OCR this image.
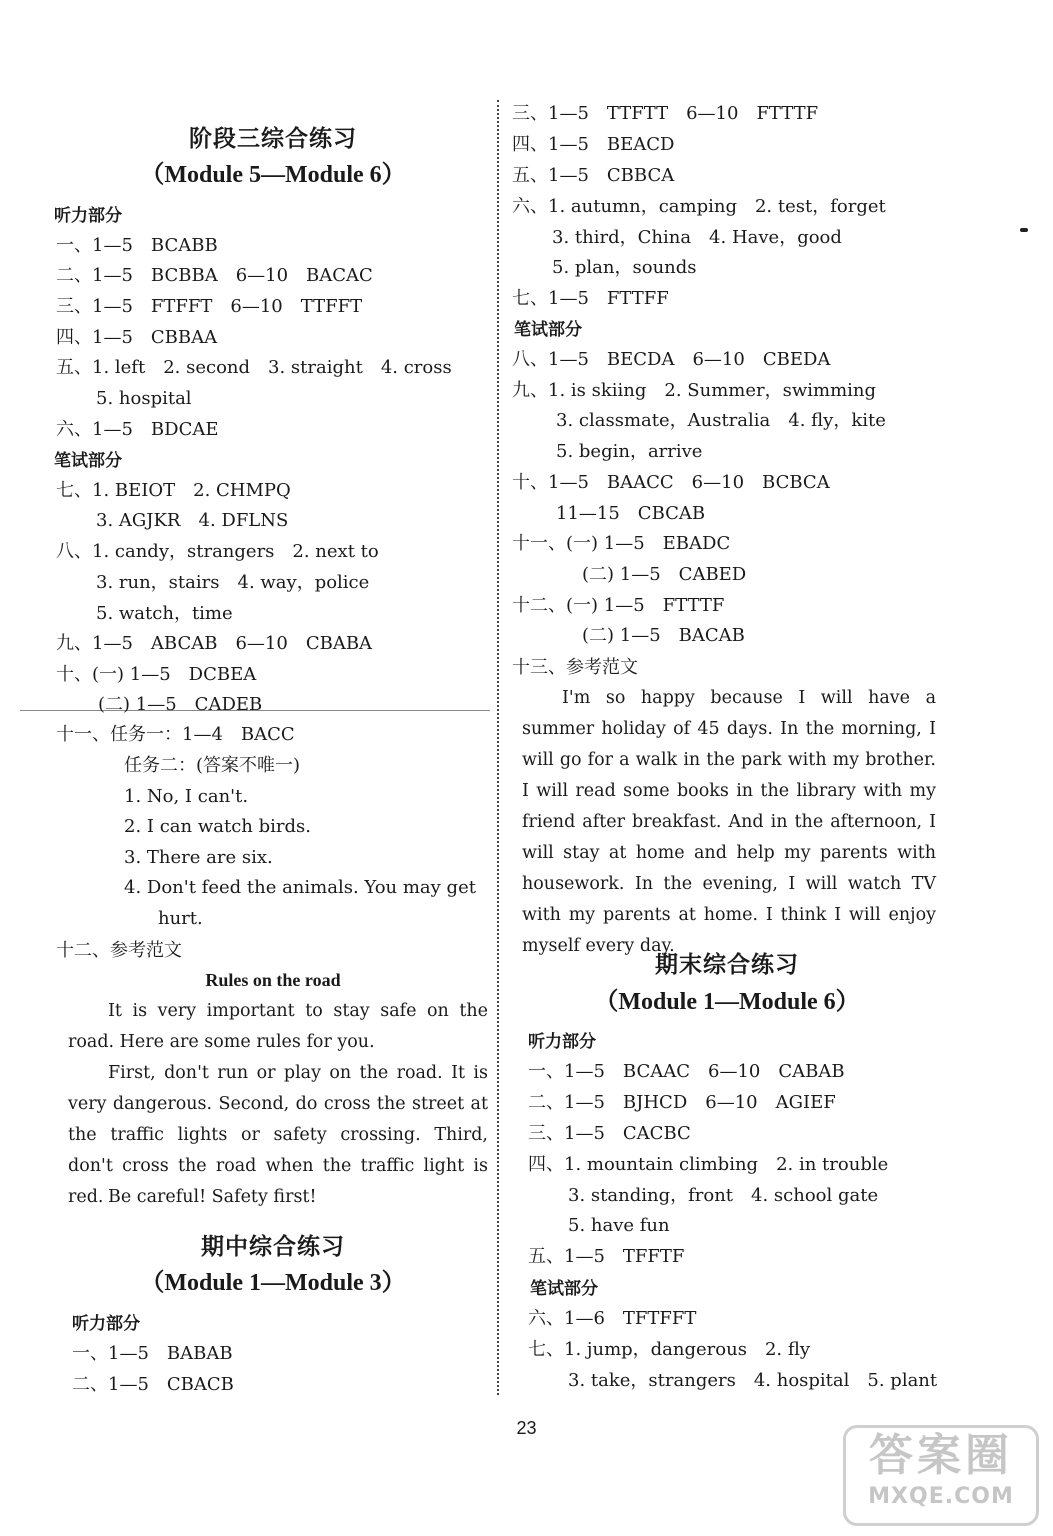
阶段三综合练习
（Module 5—Module 6）
听力部分
一、1—5　BCABB
二、1—5　BCBBA　6—10　BACAC
三、1—5　FTFFT　6—10　TTFFT
四、1—5　CBBAA
五、1. left　2. second　3. straight　4. cross
5. hospital
六、1—5　BDCAE
笔试部分
七、1. BEIOT　2. CHMPQ
3. AGJKR　4. DFLNS
八、1. candy，strangers　2. next to
3. run，stairs　4. way，police
5. watch，time
九、1—5　ABCAB　6—10　CBABA
十、(一) 1—5　DCBEA
(二) 1—5　CADEB
十一、任务一：1—4　BACC
任务二：(答案不唯一)
1. No, I can't.
2. I can watch birds.
3. There are six.
4. Don't feed the animals. You may get
hurt.
十二、参考范文
Rules on the road
It is very important to stay safe on the road. Here are some rules for you.
First, don't run or play on the road. It is very dangerous. Second, do cross the street at the traffic lights or safety crossing. Third, don't cross the road when the traffic light is red. Be careful! Safety first!
期中综合练习
（Module 1—Module 3）
听力部分
一、1—5　BABAB
二、1—5　CBACB
三、1—5　TTFTT　6—10　FTTTF
四、1—5　BEACD
五、1—5　CBBCA
六、1. autumn，camping　2. test，forget
3. third，China　4. Have，good
5. plan，sounds
七、1—5　FTTFF
笔试部分
八、1—5　BECDA　6—10　CBEDA
九、1. is skiing　2. Summer，swimming
3. classmate，Australia　4. fly，kite
5. begin，arrive
十、1—5　BAACC　6—10　BCBCA
11—15　CBCAB
十一、(一) 1—5　EBADC
(二) 1—5　CABED
十二、(一) 1—5　FTTTF
(二) 1—5　BACAB
十三、参考范文
I'm so happy because I will have a summer holiday of 45 days. In the morning, I will go for a walk in the park with my brother. I will read some books in the library with my friend after breakfast. And in the afternoon, I will stay at home and help my parents with housework. In the evening, I will watch TV with my parents at home. I think I will enjoy myself every day.
期末综合练习
（Module 1—Module 6）
听力部分
一、1—5　BCAAC　6—10　CABAB
二、1—5　BJHCD　6—10　AGIEF
三、1—5　CACBC
四、1. mountain climbing　2. in trouble
3. standing，front　4. school gate
5. have fun
五、1—5　TFFTF
笔试部分
六、1—6　TFTFFT
七、1. jump，dangerous　2. fly
3. take，strangers　4. hospital　5. plant
23
答案圈
MXQE.COM
